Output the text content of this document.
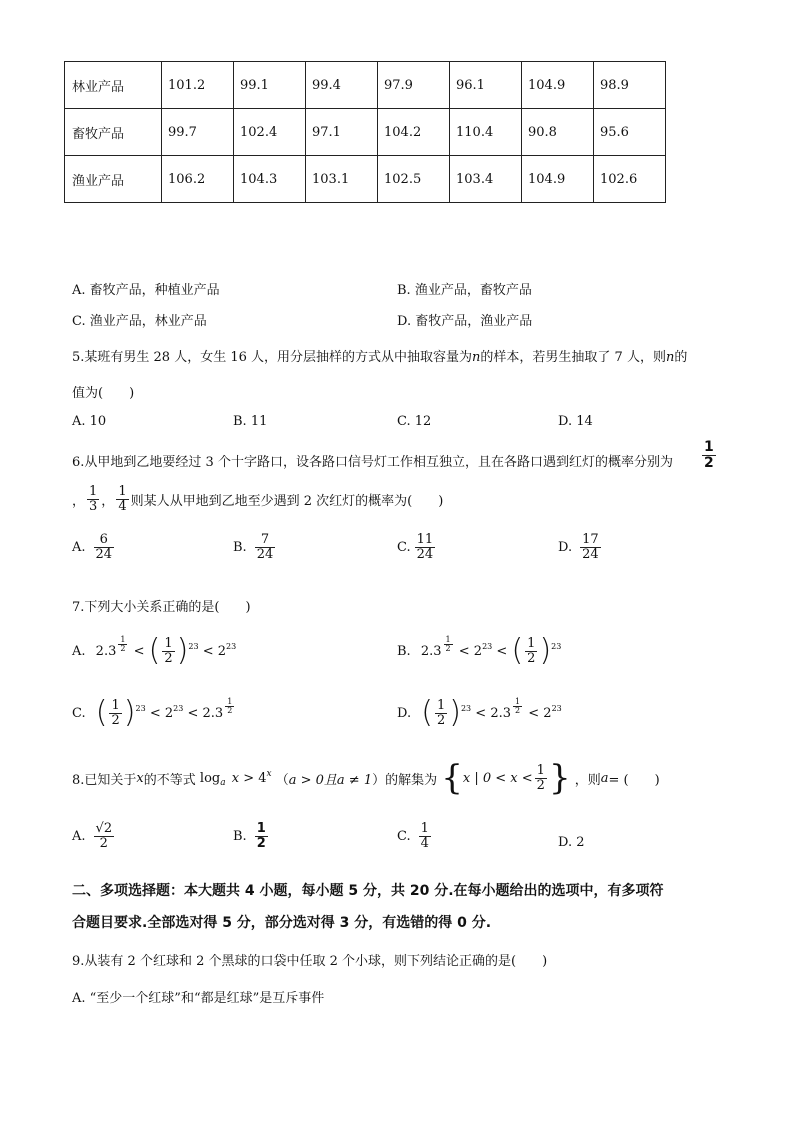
林业产品	101.2	99.1	99.4	97.9	96.1	104.9	98.9
畜牧产品	99.7	102.4	97.1	104.2	110.4	90.8	95.6
渔业产品	106.2	104.3	103.1	102.5	103.4	104.9	102.6
A. 畜牧产品，种植业产品	B. 渔业产品，畜牧产品
C. 渔业产品，林业产品	D. 畜牧产品，渔业产品
5.某班有男生 28 人，女生 16 人，用分层抽样的方式从中抽取容量为n的样本，若男生抽取了 7 人，则n的
值为(　　)
A. 10	B. 11	C. 12	D. 14
6.从甲地到乙地要经过 3 个十字路口，设各路口信号灯工作相互独立，且在各路口遇到红灯的概率分别为 $\frac{1}{2}$
， $\frac{1}{3}$ ， $\frac{1}{4}$ 则某人从甲地到乙地至少遇到 2 次红灯的概率为(　　)
A. $\frac{6}{24}$	B. $\frac{7}{24}$	C. $\frac{11}{24}$	D. $\frac{17}{24}$
7.下列大小关系正确的是(　　)
A. 2.3 $^{\frac{1}{2}}$ < ( $\frac{1}{2} )^{23} < 2^{23}$	B. 2.3 $^{\frac{1}{2}} < 2^{23}$ < ( $\frac{1}{2} )^{23}$
C. ( $\frac{1}{2} )^{23} < 2^{23} < 2.3$ $^{\frac{1}{2}}$	D. ( $\frac{1}{2} )^{23} < 2.3$ $^{\frac{1}{2}} < 2^{23}$
8.已知关于x的不等式 $\log_a x > 4^x$ （a > 0且a ≠ 1）的解集为 {x | $0 < x < \frac{1}{2}$ } ，则a= (　　)
A. $\frac{√2}{2}$	B. $\frac{1}{2}$	C. $\frac{1}{4}$	D. 2
二、多项选择题：本大题共 4 小题，每小题 5 分，共 20 分.在每小题给出的选项中，有多项符
合题目要求.全部选对得 5 分，部分选对得 3 分，有选错的得 0 分.
9.从装有 2 个红球和 2 个黑球的口袋中任取 2 个小球，则下列结论正确的是(　　)
A. “至少一个红球”和“都是红球”是互斥事件
